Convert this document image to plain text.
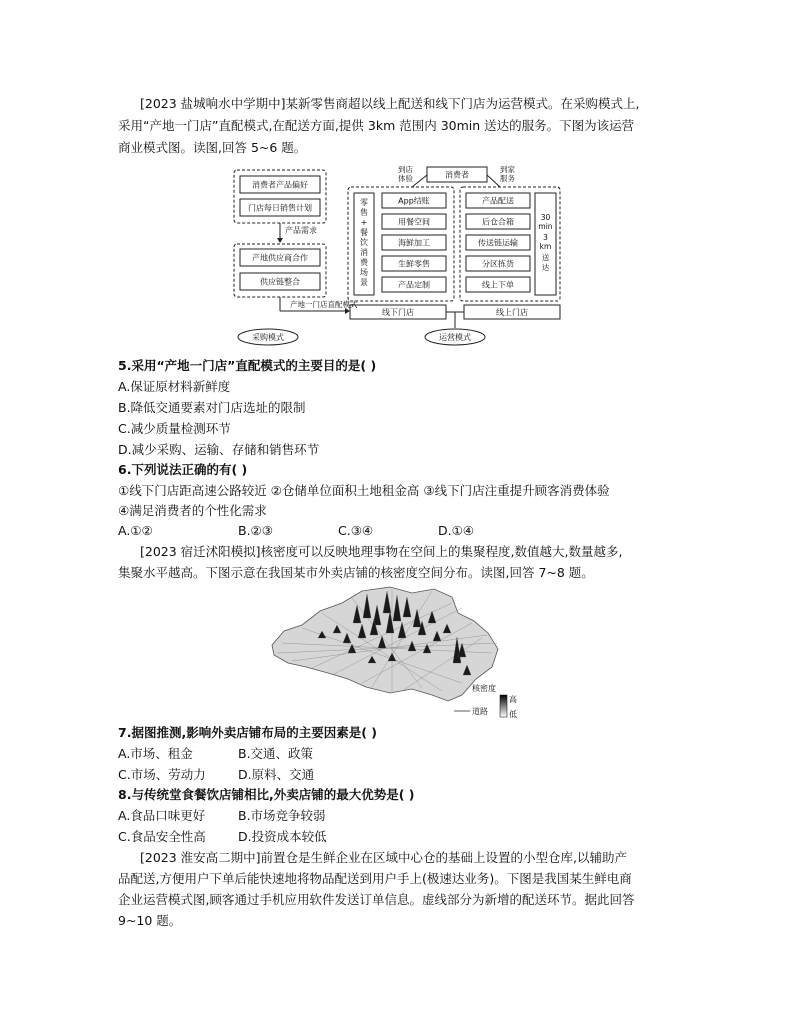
[2023 盐城响水中学期中]某新零售商超以线上配送和线下门店为运营模式。在采购模式上,
采用“产地一门店”直配模式,在配送方面,提供 3km 范围内 30min 送达的服务。下图为该运营
商业模式图。读图,回答 5~6 题。
消费者产品偏好
门店每日销售计划
产品需求
产地供应商合作
供应链整合
产地一门店直配模式
采购模式
零
售
+
餐
饮
消
费
场
景
App结账
用餐空间
海鲜加工
生鲜零售
产品定制
消费者
到店
体验
到家
服务
产品配送
后仓合箱
传送链运输
分区拣货
线上下单
30
min
3
km
送
达
线下门店	线上门店
运营模式
5.采用“产地一门店”直配模式的主要目的是( )
A.保证原材料新鲜度
B.降低交通要素对门店选址的限制
C.减少质量检测环节
D.减少采购、运输、存储和销售环节
6.下列说法正确的有( )
①线下门店距高速公路较近 ②仓储单位面积土地租金高 ③线下门店注重提升顾客消费体验
④满足消费者的个性化需求
A.①②	B.②③	C.③④	D.①④
[2023 宿迁沭阳模拟]核密度可以反映地理事物在空间上的集聚程度,数值越大,数量越多,
集聚水平越高。下图示意在我国某市外卖店铺的核密度空间分布。读图,回答 7~8 题。
核密度
高
低
道路
7.据图推测,影响外卖店铺布局的主要因素是( )
A.市场、租金	B.交通、政策
C.市场、劳动力	D.原料、交通
8.与传统堂食餐饮店铺相比,外卖店铺的最大优势是( )
A.食品口味更好	B.市场竞争较弱
C.食品安全性高	D.投资成本较低
[2023 淮安高二期中]前置仓是生鲜企业在区域中心仓的基础上设置的小型仓库,以辅助产
品配送,方便用户下单后能快速地将物品配送到用户手上(极速达业务)。下图是我国某生鲜电商
企业运营模式图,顾客通过手机应用软件发送订单信息。虚线部分为新增的配送环节。据此回答
9~10 题。
